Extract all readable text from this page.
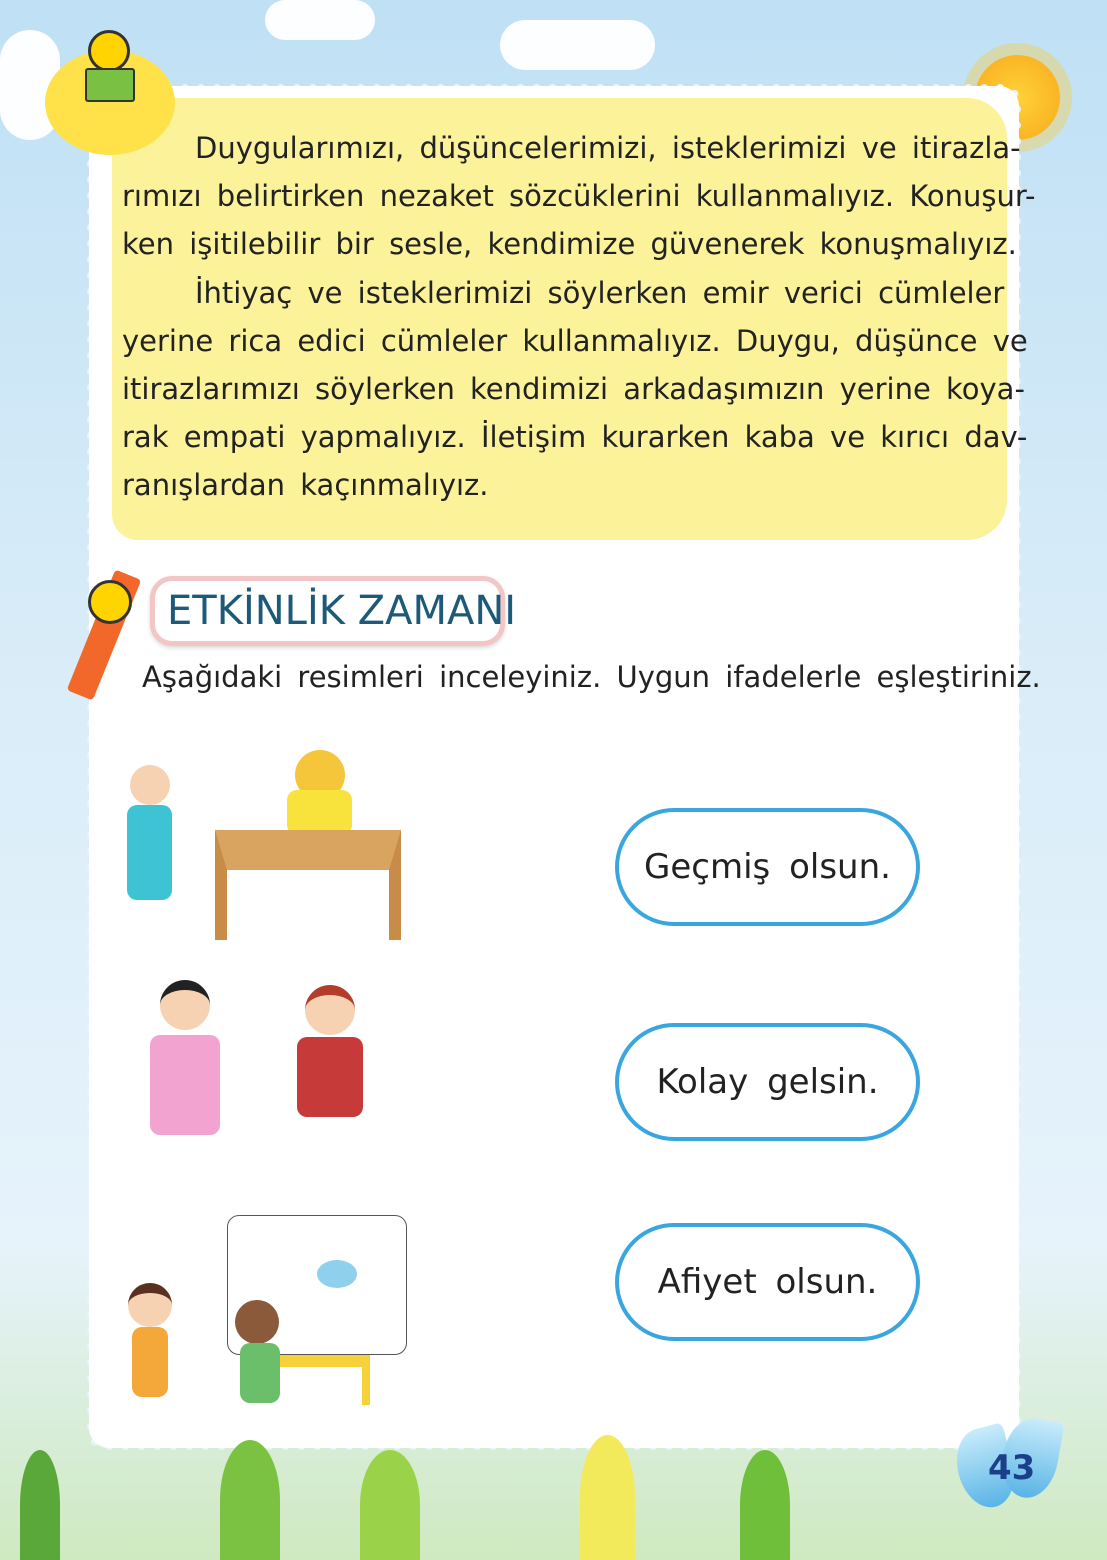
Duygularımızı, düşüncelerimizi, isteklerimizi ve itirazla-
rımızı belirtirken nezaket sözcüklerini kullanmalıyız. Konuşur-
ken işitilebilir bir sesle, kendimize güvenerek konuşmalıyız.
İhtiyaç ve isteklerimizi söylerken emir verici cümleler
yerine rica edici cümleler kullanmalıyız. Duygu, düşünce ve
itirazlarımızı söylerken kendimizi arkadaşımızın yerine koya-
rak empati yapmalıyız. İletişim kurarken kaba ve kırıcı dav-
ranışlardan kaçınmalıyız.
ETKİNLİK ZAMANI
Aşağıdaki resimleri inceleyiniz. Uygun ifadelerle eşleştiriniz.
Geçmiş olsun.
Kolay gelsin.
Afiyet olsun.
43
